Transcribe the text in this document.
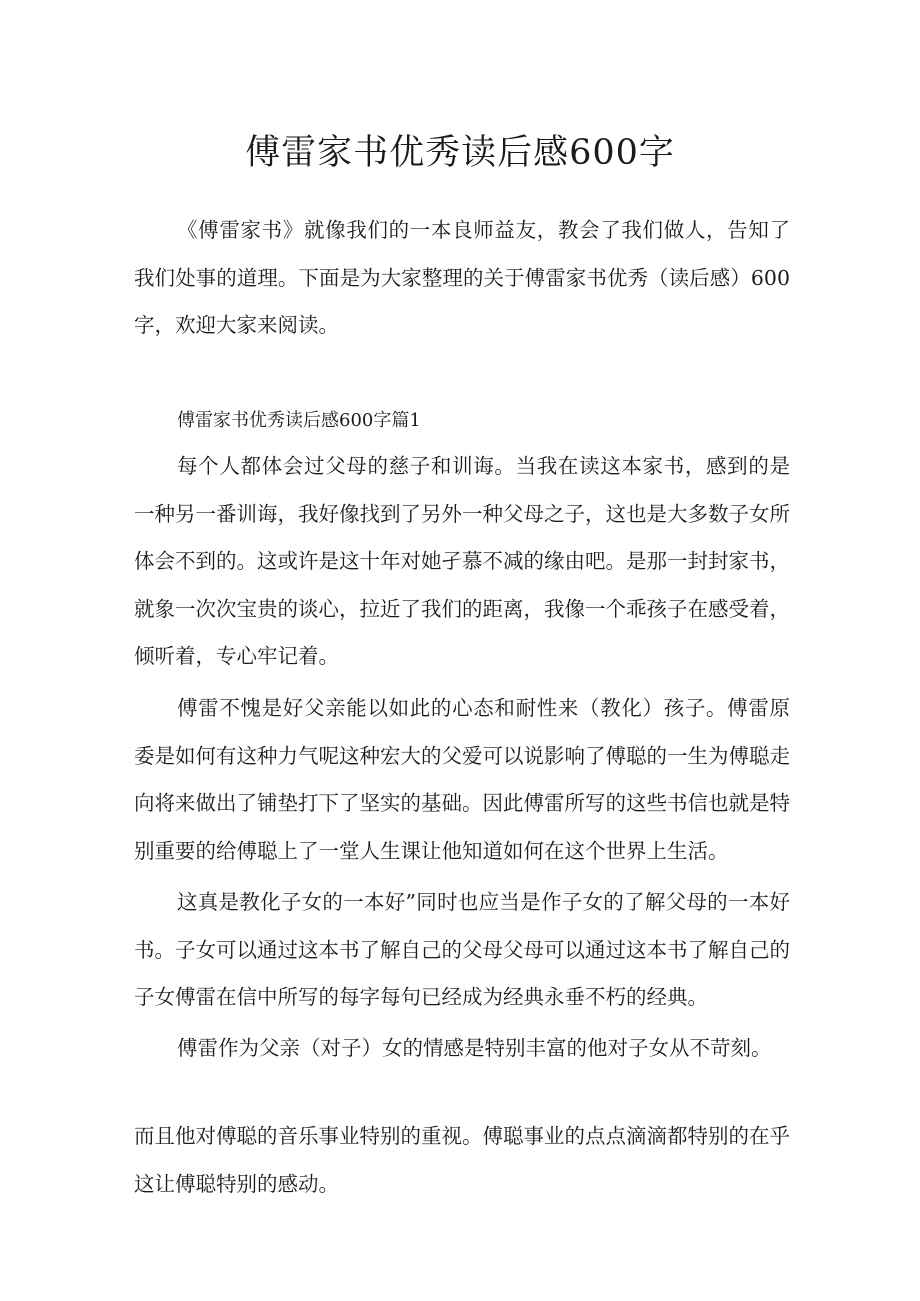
傅雷家书优秀读后感600字

《傅雷家书》就像我们的一本良师益友，教会了我们做人，告知了我们处事的道理。下面是为大家整理的关于傅雷家书优秀（读后感）600字，欢迎大家来阅读。

傅雷家书优秀读后感600字篇1

每个人都体会过父母的慈子和训诲。当我在读这本家书，感到的是一种另一番训诲，我好像找到了另外一种父母之子，这也是大多数子女所体会不到的。这或许是这十年对她孑慕不减的缘由吧。是那一封封家书，就象一次次宝贵的谈心，拉近了我们的距离，我像一个乖孩子在感受着，倾听着，专心牢记着。

傅雷不愧是好父亲能以如此的心态和耐性来（教化）孩子。傅雷原委是如何有这种力气呢这种宏大的父爱可以说影响了傅聪的一生为傅聪走向将来做出了铺垫打下了坚实的基础。因此傅雷所写的这些书信也就是特别重要的给傅聪上了一堂人生课让他知道如何在这个世界上生活。

这真是教化子女的一本好”同时也应当是作子女的了解父母的一本好书。子女可以通过这本书了解自己的父母父母可以通过这本书了解自己的子女傅雷在信中所写的每字每句已经成为经典永垂不朽的经典。

傅雷作为父亲（对子）女的情感是特别丰富的他对子女从不苛刻。

而且他对傅聪的音乐事业特别的重视。傅聪事业的点点滴滴都特别的在乎这让傅聪特别的感动。
